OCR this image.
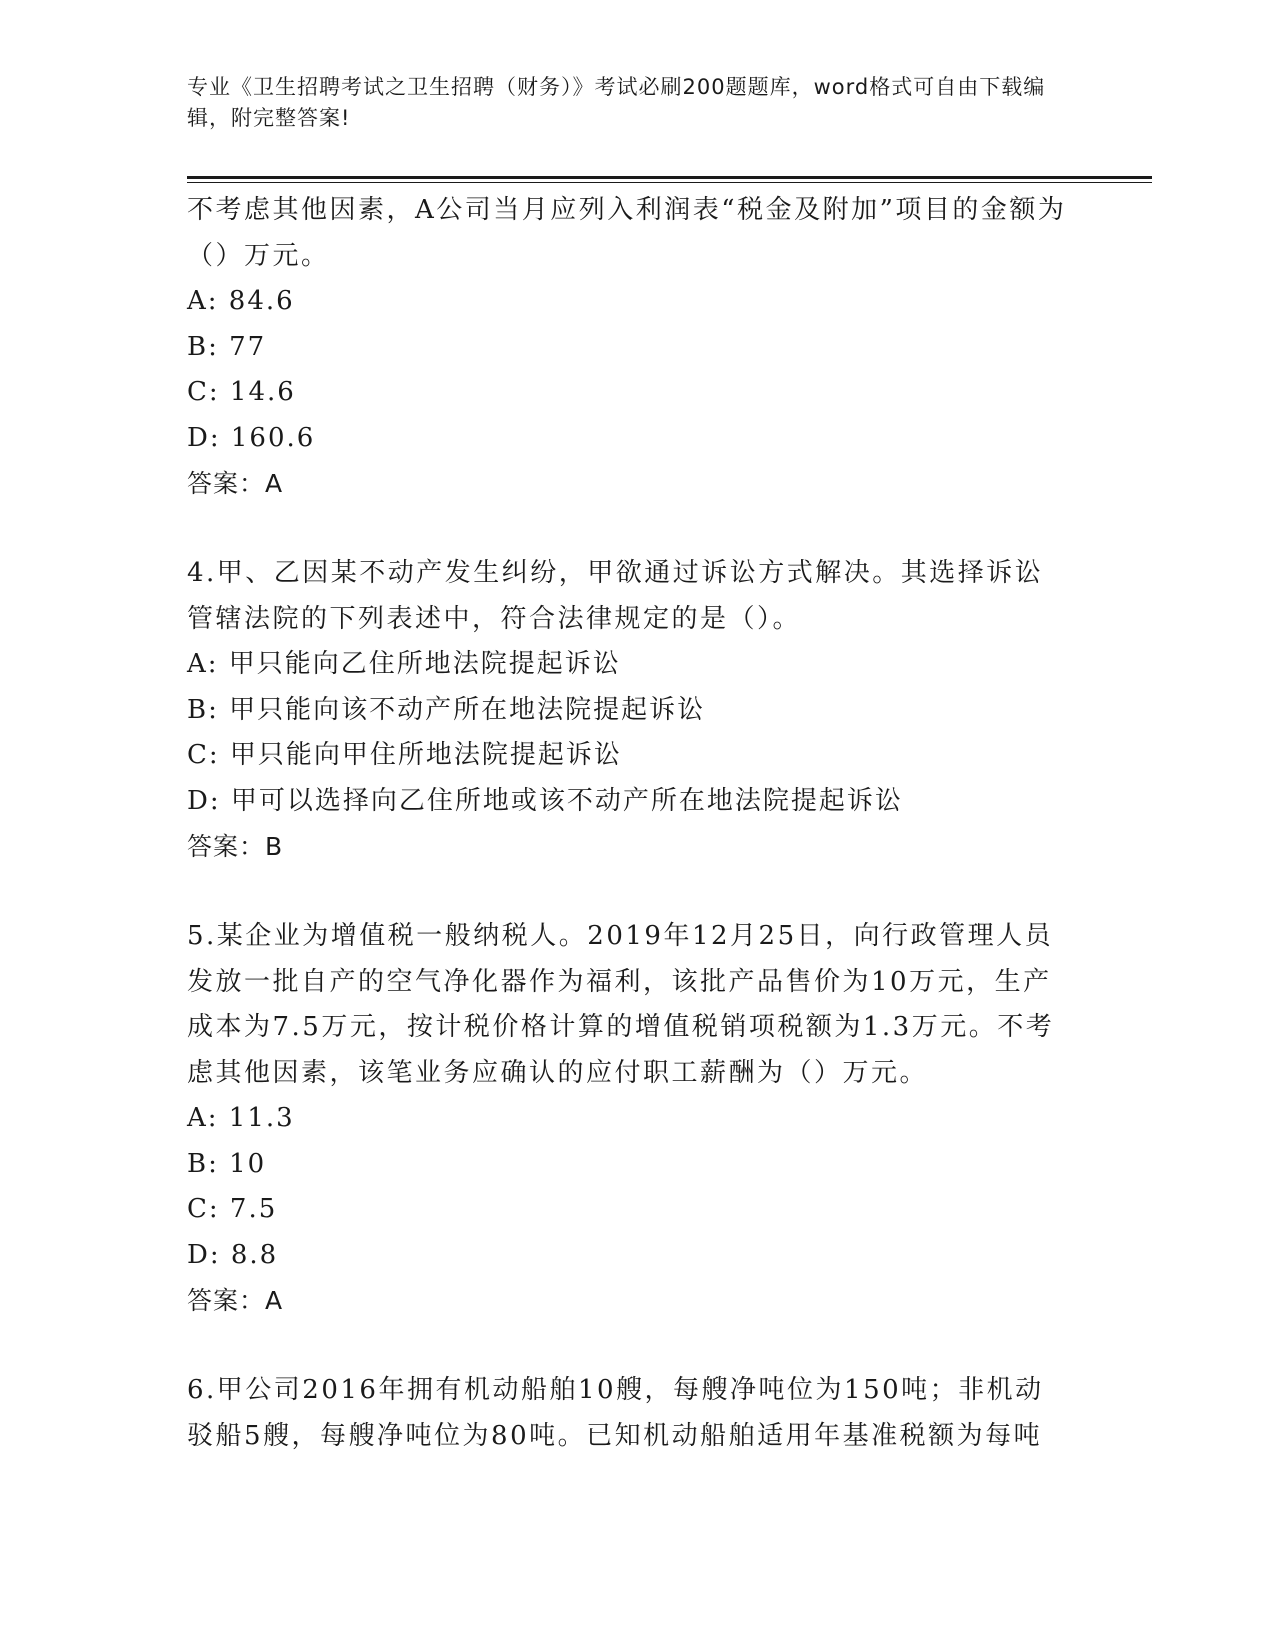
专业《卫生招聘考试之卫生招聘（财务）》考试必刷200题题库，word格式可自由下载编辑，附完整答案!

不考虑其他因素，A公司当月应列入利润表“税金及附加”项目的金额为（）万元。

A: 84.6

B: 77

C: 14.6

D: 160.6

答案：A

4.甲、乙因某不动产发生纠纷，甲欲通过诉讼方式解决。其选择诉讼管辖法院的下列表述中，符合法律规定的是（）。

A: 甲只能向乙住所地法院提起诉讼

B: 甲只能向该不动产所在地法院提起诉讼

C: 甲只能向甲住所地法院提起诉讼

D: 甲可以选择向乙住所地或该不动产所在地法院提起诉讼

答案：B

5.某企业为增值税一般纳税人。2019年12月25日，向行政管理人员发放一批自产的空气净化器作为福利，该批产品售价为10万元，生产成本为7.5万元，按计税价格计算的增值税销项税额为1.3万元。不考虑其他因素，该笔业务应确认的应付职工薪酬为（）万元。

A: 11.3

B: 10

C: 7.5

D: 8.8

答案：A

6.甲公司2016年拥有机动船舶10艘，每艘净吨位为150吨；非机动驳船5艘，每艘净吨位为80吨。已知机动船舶适用年基准税额为每吨
